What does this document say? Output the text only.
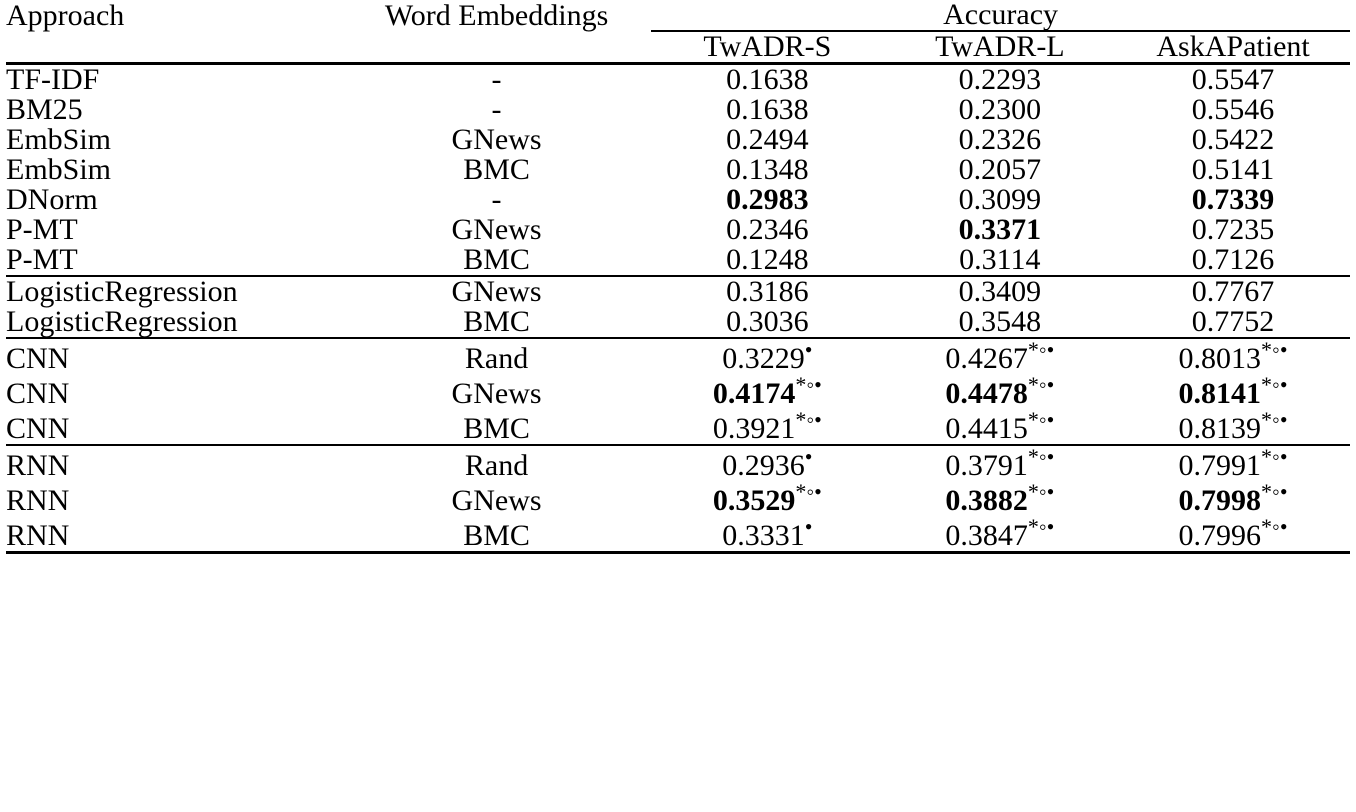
Approach	Word Embeddings	Accuracy		

		TwADR-S	TwADR-L	AskAPatient
TF-IDF	-	0.1638	0.2293	0.5547
BM25	-	0.1638	0.2300	0.5546
EmbSim	GNews	0.2494	0.2326	0.5422
EmbSim	BMC	0.1348	0.2057	0.5141
DNorm	-	0.2983	0.3099	0.7339
P-MT	GNews	0.2346	0.3371	0.7235
P-MT	BMC	0.1248	0.3114	0.7126
LogisticRegression	GNews	0.3186	0.3409	0.7767
LogisticRegression	BMC	0.3036	0.3548	0.7752
CNN	Rand	0.3229•	0.4267*◦•	0.8013*◦•
CNN	GNews	0.4174*◦•	0.4478*◦•	0.8141*◦•
CNN	BMC	0.3921*◦•	0.4415*◦•	0.8139*◦•
RNN	Rand	0.2936•	0.3791*◦•	0.7991*◦•
RNN	GNews	0.3529*◦•	0.3882*◦•	0.7998*◦•
RNN	BMC	0.3331•	0.3847*◦•	0.7996*◦•
